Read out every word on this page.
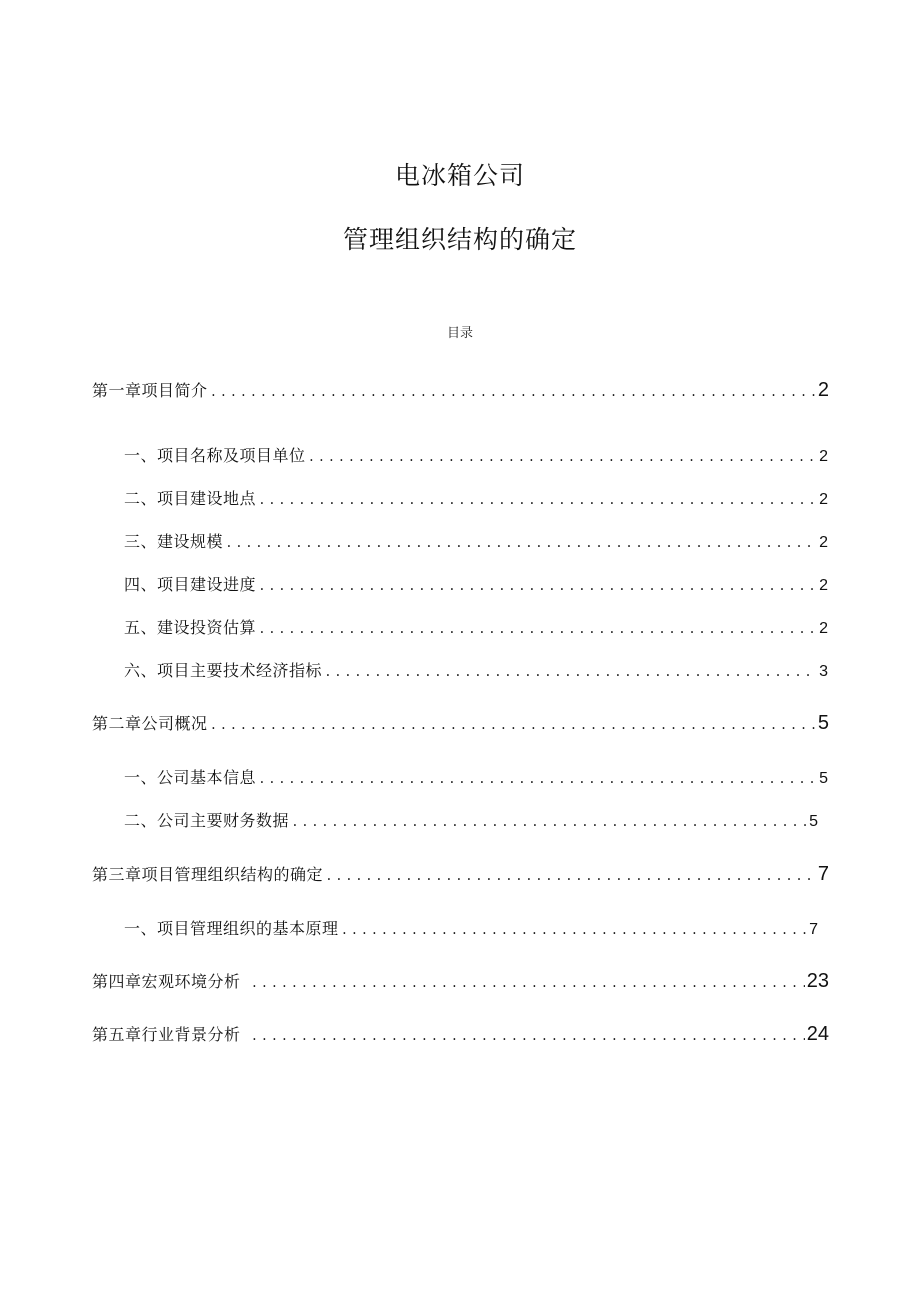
电冰箱公司
管理组织结构的确定
目录
第一章项目简介 .....	2
一、项目名称及项目单位 .....	2
二、项目建设地点 .....	2
三、建设规模 .....	2
四、项目建设进度 .....	2
五、建设投资估算 .....	2
六、项目主要技术经济指标 .....	3
第二章公司概况 .....	5
一、公司基本信息 .....	5
二、公司主要财务数据 .....	5
第三章项目管理组织结构的确定 .....	7
一、项目管理组织的基本原理 .....	7
第四章宏观环境分析 .....	23
第五章行业背景分析 .....	24
